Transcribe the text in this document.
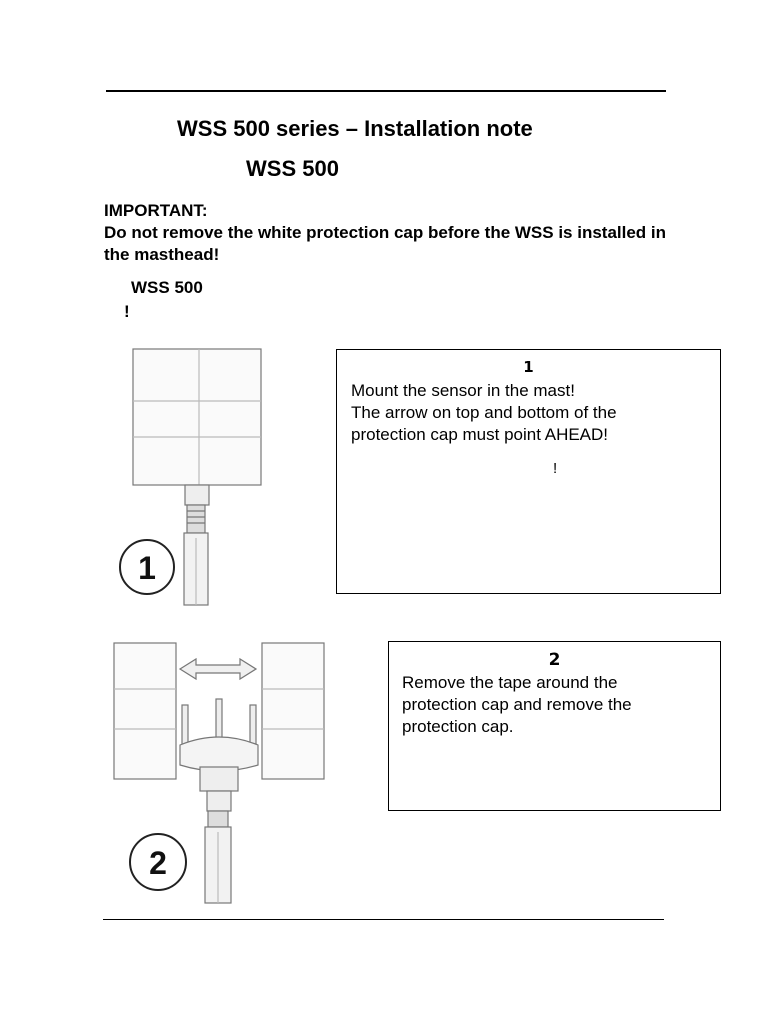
WSS 500 series – Installation note
WSS 500
IMPORTANT:
Do not remove the white protection cap before the WSS is installed in the masthead!
WSS 500
!
1
2
1
Mount the sensor in the mast!
The arrow on top and bottom of the
protection cap must point AHEAD!
!
2
Remove the tape around the
protection cap and remove the
protection cap.
